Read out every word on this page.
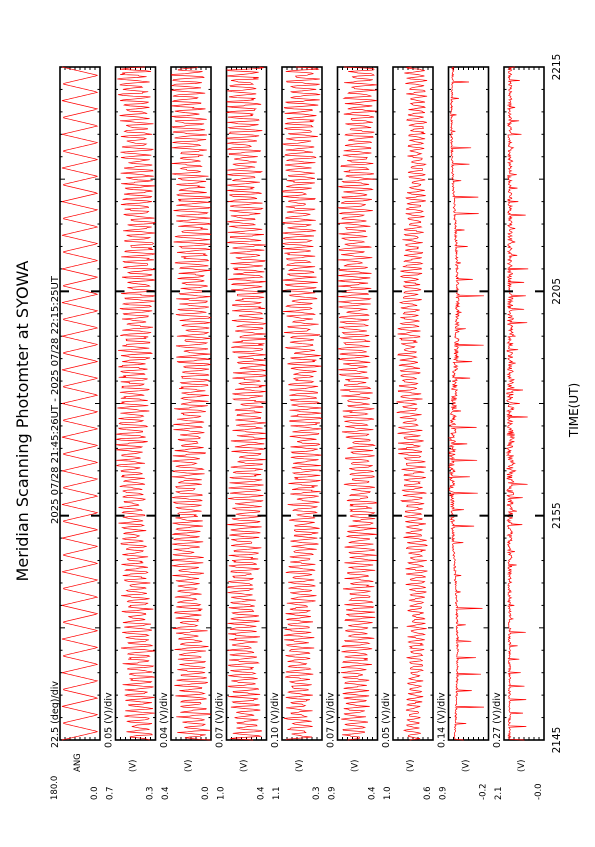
Meridian Scanning Photomter at SYOWA 2025 07/28 21:45:26UT - 2025 07/28 22:15:25UT	TIME(UT)
180.0	0.0
ANG
22.5 (deg)/div
0.7	0.3
(V)
0.05 (V)/div
0.4	0.0
(V)
0.04 (V)/div
1.0	0.4
(V)
0.07 (V)/div
1.1	0.3
(V)
0.10 (V)/div
0.9	0.4
(V)
0.07 (V)/div
1.0	0.6
(V)
0.05 (V)/div
0.9	-0.2
(V)
0.14 (V)/div
2.1	-0.0
(V)
0.27 (V)/div	2145
2155
2205
2215
